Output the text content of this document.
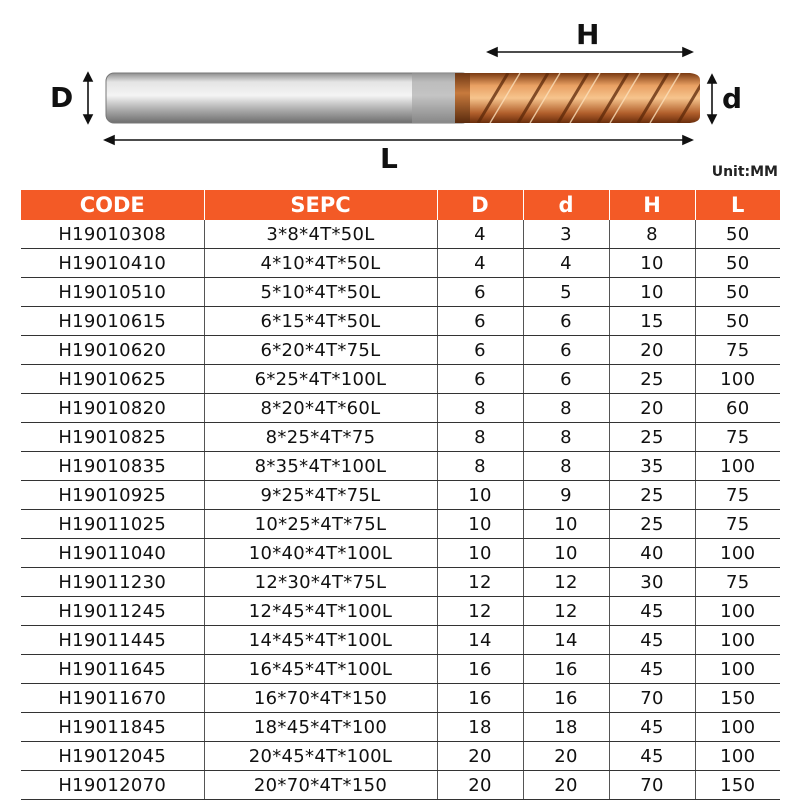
D	d
H
L	Unit:MM
CODE	SEPC	D	d	H	L
H19010308	3*8*4T*50L	4	3	8	50
H19010410	4*10*4T*50L	4	4	10	50
H19010510	5*10*4T*50L	6	5	10	50
H19010615	6*15*4T*50L	6	6	15	50
H19010620	6*20*4T*75L	6	6	20	75
H19010625	6*25*4T*100L	6	6	25	100
H19010820	8*20*4T*60L	8	8	20	60
H19010825	8*25*4T*75	8	8	25	75
H19010835	8*35*4T*100L	8	8	35	100
H19010925	9*25*4T*75L	10	9	25	75
H19011025	10*25*4T*75L	10	10	25	75
H19011040	10*40*4T*100L	10	10	40	100
H19011230	12*30*4T*75L	12	12	30	75
H19011245	12*45*4T*100L	12	12	45	100
H19011445	14*45*4T*100L	14	14	45	100
H19011645	16*45*4T*100L	16	16	45	100
H19011670	16*70*4T*150	16	16	70	150
H19011845	18*45*4T*100	18	18	45	100
H19012045	20*45*4T*100L	20	20	45	100
H19012070	20*70*4T*150	20	20	70	150
